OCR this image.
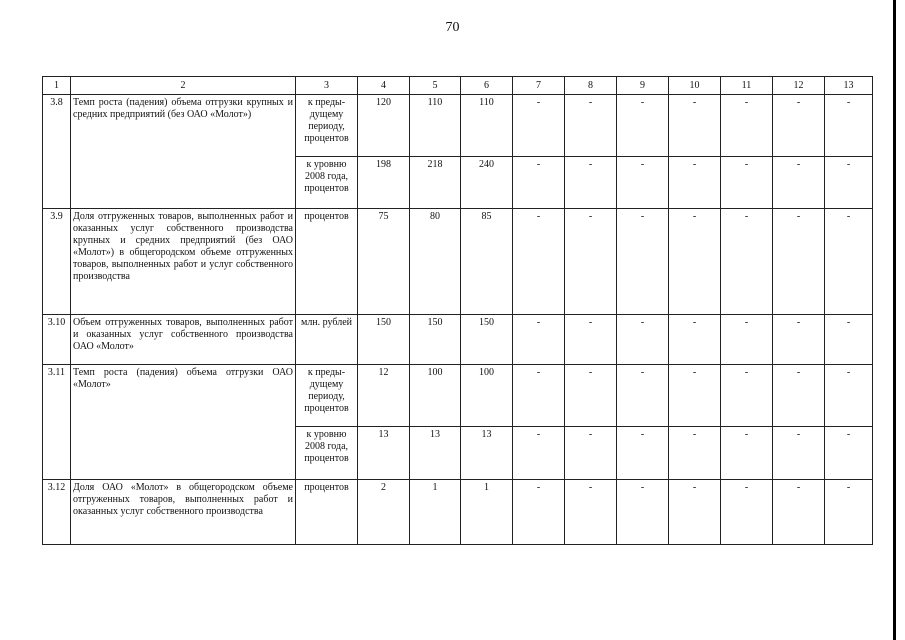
70
1	2	3	4	5	6	7	8	9	10	11	12	13
3.8	Темп роста (падения) объема отгрузки крупных и средних предприятий (без ОАО «Молот»)	к преды-дущему периоду, процентов	120	110	110	-	-	-	-	-	-	-
		к уровню 2008 года, процентов	198	218	240	-	-	-	-	-	-	-
3.9	Доля отгруженных товаров, выполненных работ и оказанных услуг собственного производства крупных и средних предприятий (без ОАО «Молот») в общегородском объеме отгруженных товаров, выполненных работ и услуг собственного производства	процентов	75	80	85	-	-	-	-	-	-	-
3.10	Объем отгруженных товаров, выполненных работ и оказанных услуг собственного производства ОАО «Молот»	млн. рублей	150	150	150	-	-	-	-	-	-	-
3.11	Темп роста (падения) объема отгрузки ОАО «Молот»	к преды-дущему периоду, процентов	12	100	100	-	-	-	-	-	-	-
		к уровню 2008 года, процентов	13	13	13	-	-	-	-	-	-	-
3.12	Доля ОАО «Молот» в общегородском объеме отгруженных товаров, выполненных работ и оказанных услуг собственного производства	процентов	2	1	1	-	-	-	-	-	-	-
